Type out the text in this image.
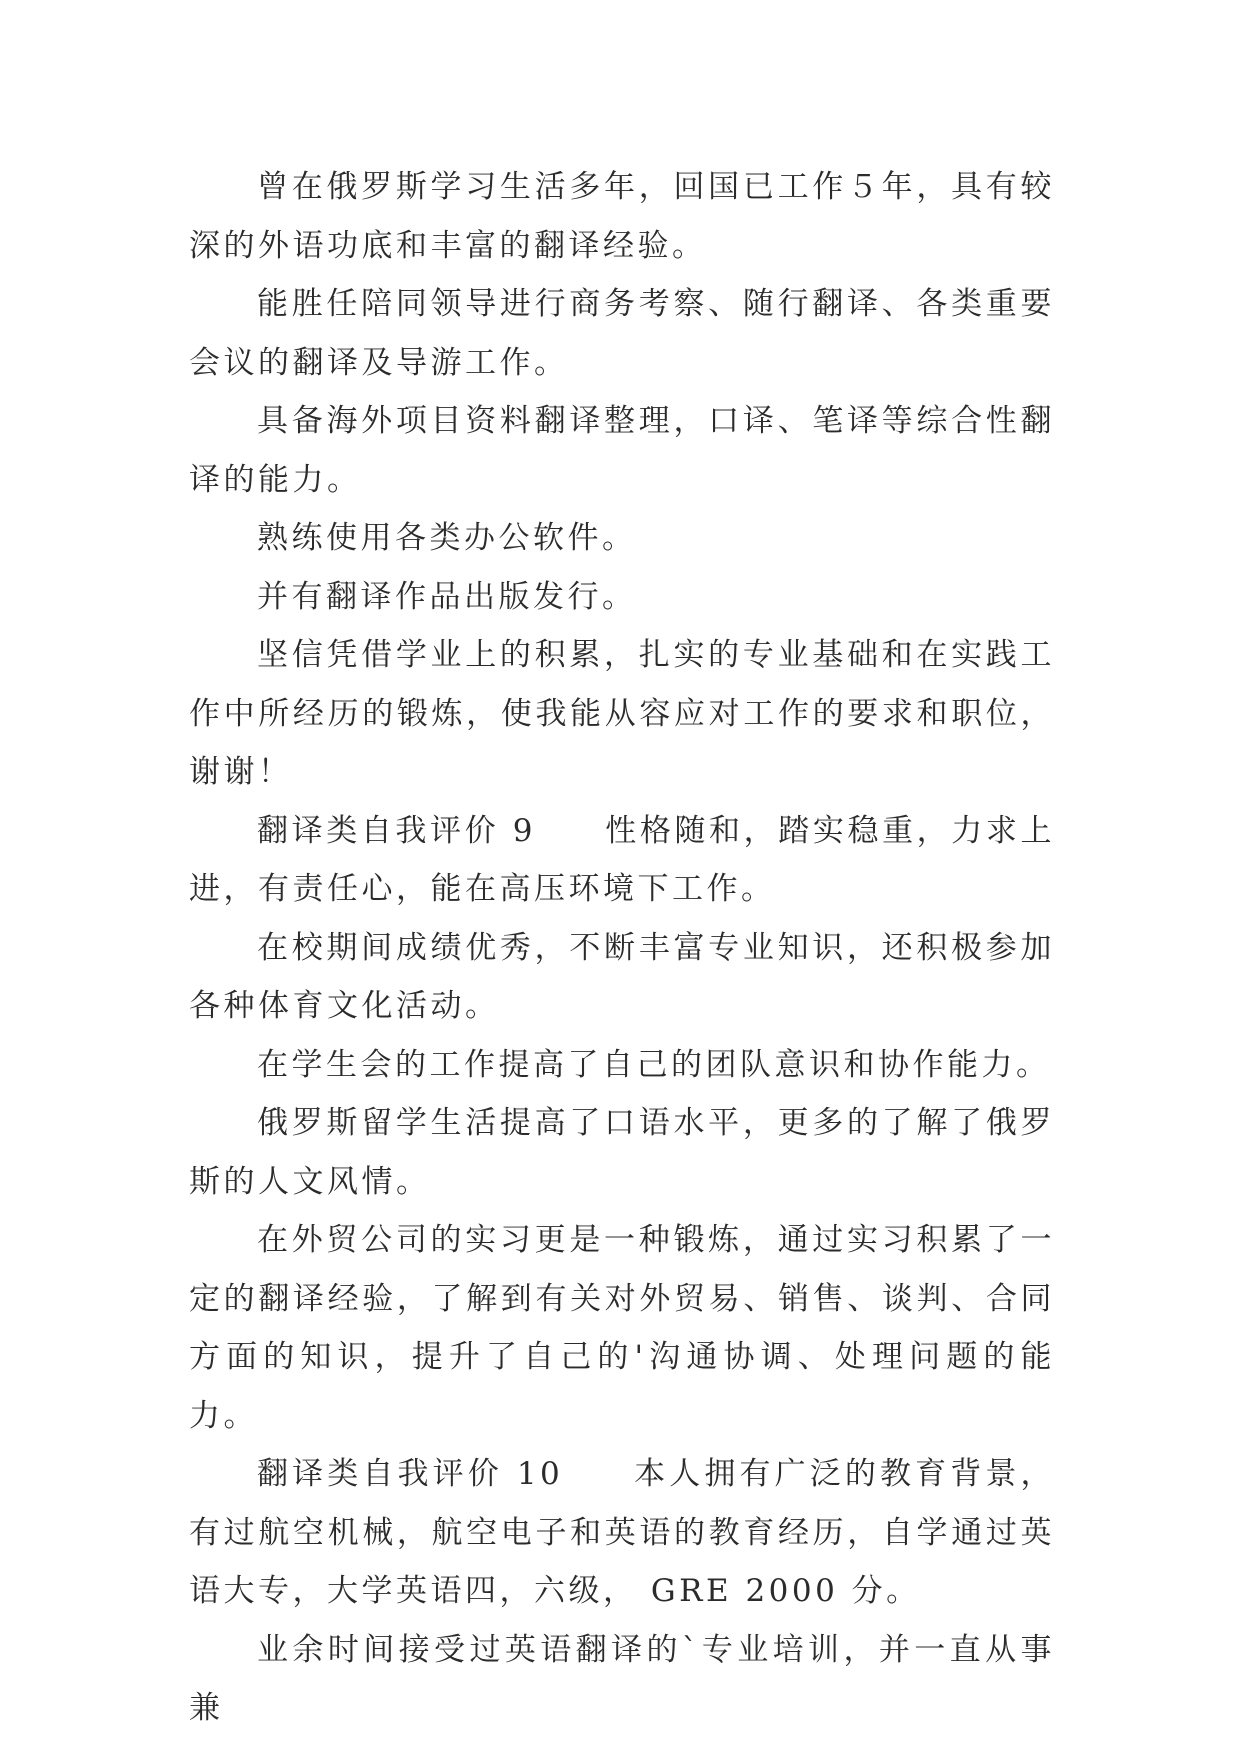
曾在俄罗斯学习生活多年，回国已工作５年，具有较深的外语功底和丰富的翻译经验。

能胜任陪同领导进行商务考察、随行翻译、各类重要会议的翻译及导游工作。

具备海外项目资料翻译整理，口译、笔译等综合性翻译的能力。

熟练使用各类办公软件。

并有翻译作品出版发行。

坚信凭借学业上的积累，扎实的专业基础和在实践工作中所经历的锻炼，使我能从容应对工作的要求和职位，谢谢！

翻译类自我评价 9　　性格随和，踏实稳重，力求上进，有责任心，能在高压环境下工作。

在校期间成绩优秀，不断丰富专业知识，还积极参加各种体育文化活动。

在学生会的工作提高了自己的团队意识和协作能力。

俄罗斯留学生活提高了口语水平，更多的了解了俄罗斯的人文风情。

在外贸公司的实习更是一种锻炼，通过实习积累了一定的翻译经验，了解到有关对外贸易、销售、谈判、合同方面的知识，提升了自己的'沟通协调、处理问题的能力。

翻译类自我评价 10　　本人拥有广泛的教育背景，有过航空机械，航空电子和英语的教育经历，自学通过英语大专，大学英语四，六级， GRE 2000 分。

业余时间接受过英语翻译的`专业培训，并一直从事兼
